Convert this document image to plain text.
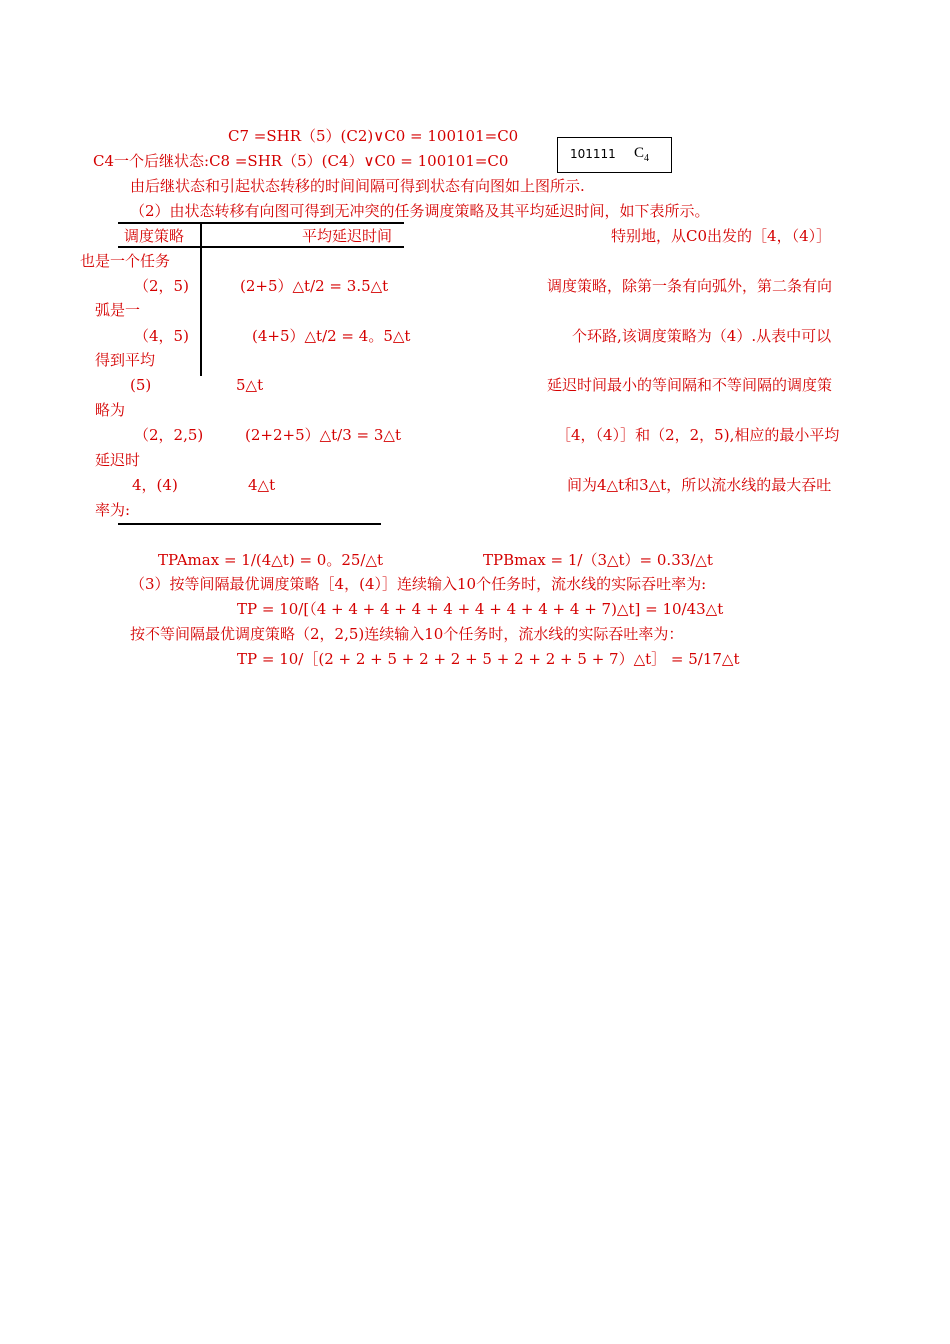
C7 =SHR（5）(C2)∨C0 = 100101=C0
C4一个后继状态:C8 =SHR（5）(C4）∨C0 = 100101=C0	101111 $C_4$
由后继状态和引起状态转移的时间间隔可得到状态有向图如上图所示.
（2）由状态转移有向图可得到无冲突的任务调度策略及其平均延迟时间，如下表所示。
调度策略	平均延迟时间
（2，5)	(2+5）△t/2 = 3.5△t
（4，5)	(4+5）△t/2 = 4。5△t
(5)	5△t
（2，2,5)	(2+2+5）△t/3 = 3△t
4，(4)	4△t
特别地，从C0出发的［4，（4）］
也是一个任务
调度策略，除第一条有向弧外，第二条有向
弧是一
个环路,该调度策略为（4）.从表中可以
得到平均
延迟时间最小的等间隔和不等间隔的调度策
略为
［4，（4）］和（2，2，5),相应的最小平均
延迟时
间为4△t和3△t，所以流水线的最大吞吐
率为:
TPAmax = 1/(4△t) = 0。25/△t	TPBmax = 1/（3△t）= 0.33/△t
（3）按等间隔最优调度策略［4，(4）］连续输入10个任务时，流水线的实际吞吐率为:
TP = 10/[（4 + 4 + 4 + 4 + 4 + 4 + 4 + 4 + 4 + 7)△t] = 10/43△t
按不等间隔最优调度策略（2，2,5)连续输入10个任务时，流水线的实际吞吐率为：
TP = 10/［(2 + 2 + 5 + 2 + 2 + 5 + 2 + 2 + 5 + 7）△t］ = 5/17△t
